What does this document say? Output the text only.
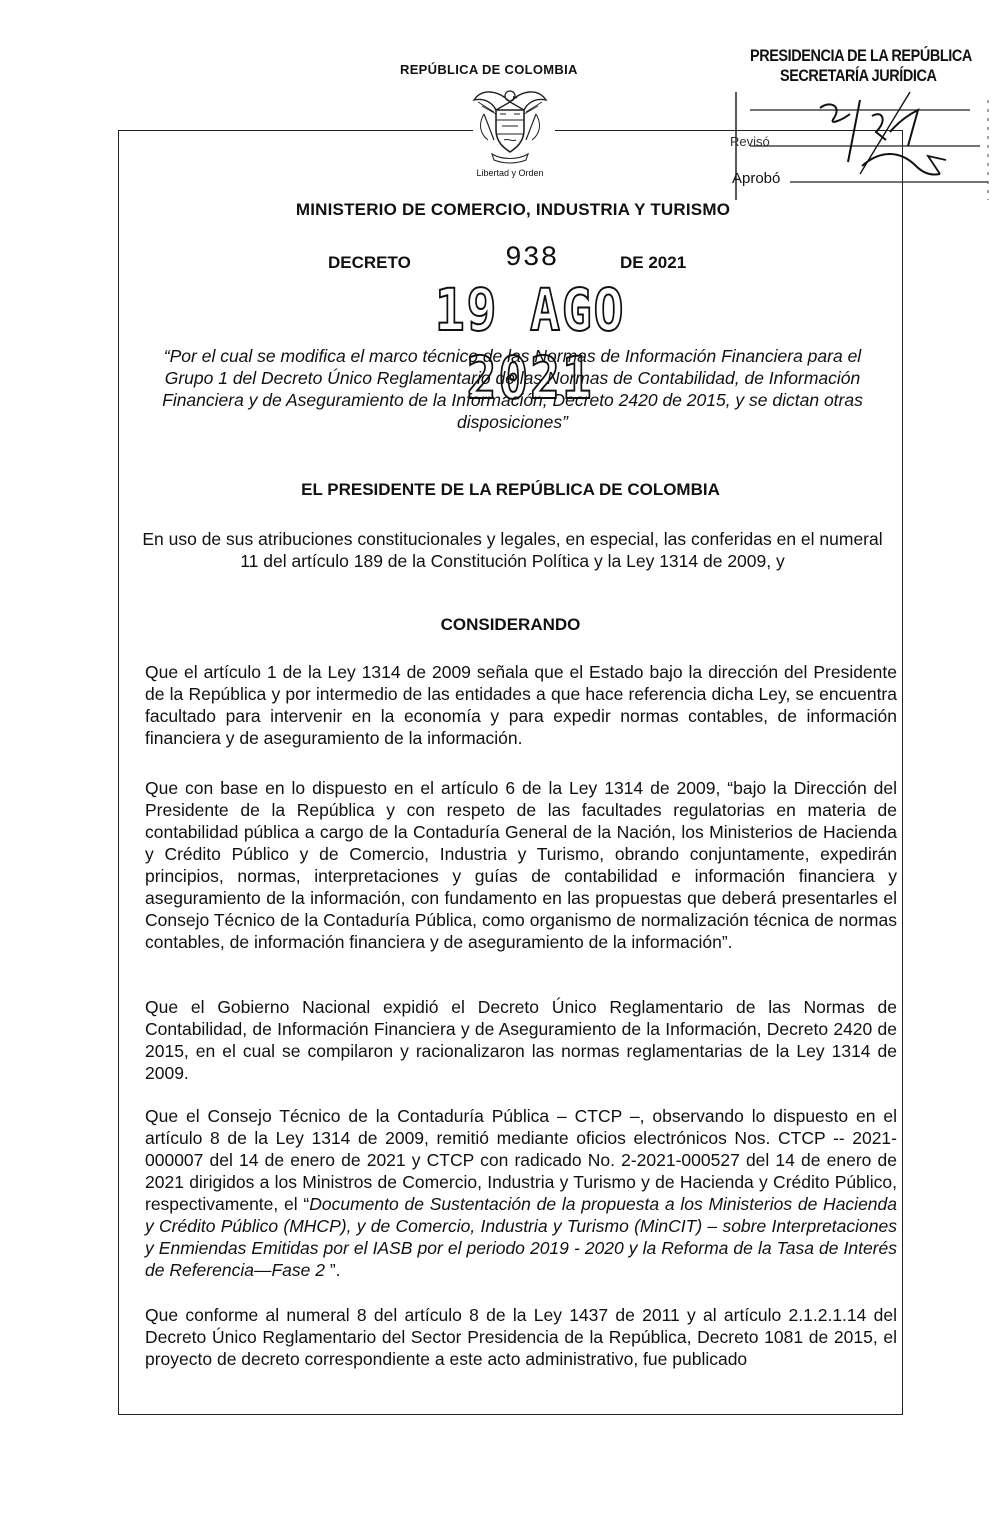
REPÚBLICA DE COLOMBIA
Libertad y Orden
PRESIDENCIA DE LA REPÚBLICA
SECRETARÍA JURÍDICA
Revisó
Aprobó
MINISTERIO DE COMERCIO, INDUSTRIA Y TURISMO
DECRETO	938	DE 2021
19 AGO 2021
“Por el cual se modifica el marco técnico de las Normas de Información Financiera para el Grupo 1 del Decreto Único Reglamentario de las Normas de Contabilidad, de Información Financiera y de Aseguramiento de la Información, Decreto 2420 de 2015, y se dictan otras disposiciones”
EL PRESIDENTE DE LA REPÚBLICA DE COLOMBIA
En uso de sus atribuciones constitucionales y legales, en especial, las conferidas en el numeral 11 del artículo 189 de la Constitución Política y la Ley 1314 de 2009, y
CONSIDERANDO
Que el artículo 1 de la Ley 1314 de 2009 señala que el Estado bajo la dirección del Presidente de la República y por intermedio de las entidades a que hace referencia dicha Ley, se encuentra facultado para intervenir en la economía y para expedir normas contables, de información financiera y de aseguramiento de la información.
Que con base en lo dispuesto en el artículo 6 de la Ley 1314 de 2009, “bajo la Dirección del Presidente de la República y con respeto de las facultades regulatorias en materia de contabilidad pública a cargo de la Contaduría General de la Nación, los Ministerios de Hacienda y Crédito Público y de Comercio, Industria y Turismo, obrando conjuntamente, expedirán principios, normas, interpretaciones y guías de contabilidad e información financiera y aseguramiento de la información, con fundamento en las propuestas que deberá presentarles el Consejo Técnico de la Contaduría Pública, como organismo de normalización técnica de normas contables, de información financiera y de aseguramiento de la información”.
Que el Gobierno Nacional expidió el Decreto Único Reglamentario de las Normas de Contabilidad, de Información Financiera y de Aseguramiento de la Información, Decreto 2420 de 2015, en el cual se compilaron y racionalizaron las normas reglamentarias de la Ley 1314 de 2009.
Que el Consejo Técnico de la Contaduría Pública – CTCP –, observando lo dispuesto en el artículo 8 de la Ley 1314 de 2009, remitió mediante oficios electrónicos Nos. CTCP -- 2021-000007 del 14 de enero de 2021 y CTCP con radicado No. 2-2021-000527 del 14 de enero de 2021 dirigidos a los Ministros de Comercio, Industria y Turismo y de Hacienda y Crédito Público, respectivamente, el “Documento de Sustentación de la propuesta a los Ministerios de Hacienda y Crédito Público (MHCP), y de Comercio, Industria y Turismo (MinCIT) – sobre Interpretaciones y Enmiendas Emitidas por el IASB por el periodo 2019 - 2020 y la Reforma de la Tasa de Interés de Referencia—Fase 2 ”.
Que conforme al numeral 8 del artículo 8 de la Ley 1437 de 2011 y al artículo 2.1.2.1.14 del Decreto Único Reglamentario del Sector Presidencia de la República, Decreto 1081 de 2015, el proyecto de decreto correspondiente a este acto administrativo, fue publicado
